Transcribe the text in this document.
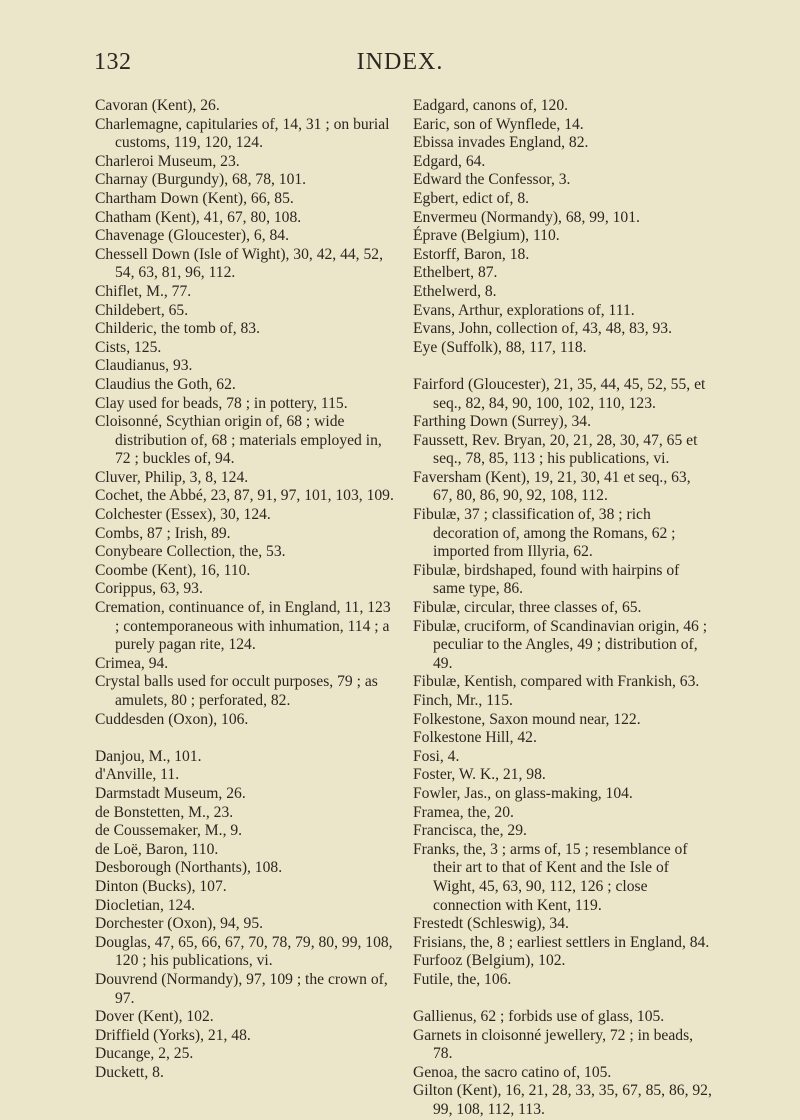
132	INDEX.
Cavoran (Kent), 26.
Charlemagne, capitularies of, 14, 31 ; on burial customs, 119, 120, 124.
Charleroi Museum, 23.
Charnay (Burgundy), 68, 78, 101.
Chartham Down (Kent), 66, 85.
Chatham (Kent), 41, 67, 80, 108.
Chavenage (Gloucester), 6, 84.
Chessell Down (Isle of Wight), 30, 42, 44, 52, 54, 63, 81, 96, 112.
Chiflet, M., 77.
Childebert, 65.
Childeric, the tomb of, 83.
Cists, 125.
Claudianus, 93.
Claudius the Goth, 62.
Clay used for beads, 78 ; in pottery, 115.
Cloisonné, Scythian origin of, 68 ; wide distribution of, 68 ; materials employed in, 72 ; buckles of, 94.
Cluver, Philip, 3, 8, 124.
Cochet, the Abbé, 23, 87, 91, 97, 101, 103, 109.
Colchester (Essex), 30, 124.
Combs, 87 ; Irish, 89.
Conybeare Collection, the, 53.
Coombe (Kent), 16, 110.
Corippus, 63, 93.
Cremation, continuance of, in England, 11, 123 ; contemporaneous with inhumation, 114 ; a purely pagan rite, 124.
Crimea, 94.
Crystal balls used for occult purposes, 79 ; as amulets, 80 ; perforated, 82.
Cuddesden (Oxon), 106.
Danjou, M., 101.
d'Anville, 11.
Darmstadt Museum, 26.
de Bonstetten, M., 23.
de Coussemaker, M., 9.
de Loë, Baron, 110.
Desborough (Northants), 108.
Dinton (Bucks), 107.
Diocletian, 124.
Dorchester (Oxon), 94, 95.
Douglas, 47, 65, 66, 67, 70, 78, 79, 80, 99, 108, 120 ; his publications, vi.
Douvrend (Normandy), 97, 109 ; the crown of, 97.
Dover (Kent), 102.
Driffield (Yorks), 21, 48.
Ducange, 2, 25.
Duckett, 8.
Eadgard, canons of, 120.
Earic, son of Wynflede, 14.
Ebissa invades England, 82.
Edgard, 64.
Edward the Confessor, 3.
Egbert, edict of, 8.
Envermeu (Normandy), 68, 99, 101.
Éprave (Belgium), 110.
Estorff, Baron, 18.
Ethelbert, 87.
Ethelwerd, 8.
Evans, Arthur, explorations of, 111.
Evans, John, collection of, 43, 48, 83, 93.
Eye (Suffolk), 88, 117, 118.
Fairford (Gloucester), 21, 35, 44, 45, 52, 55, et seq., 82, 84, 90, 100, 102, 110, 123.
Farthing Down (Surrey), 34.
Faussett, Rev. Bryan, 20, 21, 28, 30, 47, 65 et seq., 78, 85, 113 ; his publications, vi.
Faversham (Kent), 19, 21, 30, 41 et seq., 63, 67, 80, 86, 90, 92, 108, 112.
Fibulæ, 37 ; classification of, 38 ; rich decoration of, among the Romans, 62 ; imported from Illyria, 62.
Fibulæ, birdshaped, found with hairpins of same type, 86.
Fibulæ, circular, three classes of, 65.
Fibulæ, cruciform, of Scandinavian origin, 46 ; peculiar to the Angles, 49 ; distribution of, 49.
Fibulæ, Kentish, compared with Frankish, 63.
Finch, Mr., 115.
Folkestone, Saxon mound near, 122.
Folkestone Hill, 42.
Fosi, 4.
Foster, W. K., 21, 98.
Fowler, Jas., on glass-making, 104.
Framea, the, 20.
Francisca, the, 29.
Franks, the, 3 ; arms of, 15 ; resemblance of their art to that of Kent and the Isle of Wight, 45, 63, 90, 112, 126 ; close connection with Kent, 119.
Frestedt (Schleswig), 34.
Frisians, the, 8 ; earliest settlers in England, 84.
Furfooz (Belgium), 102.
Futile, the, 106.
Gallienus, 62 ; forbids use of glass, 105.
Garnets in cloisonné jewellery, 72 ; in beads, 78.
Genoa, the sacro catino of, 105.
Gilton (Kent), 16, 21, 28, 33, 35, 67, 85, 86, 92, 99, 108, 112, 113.
